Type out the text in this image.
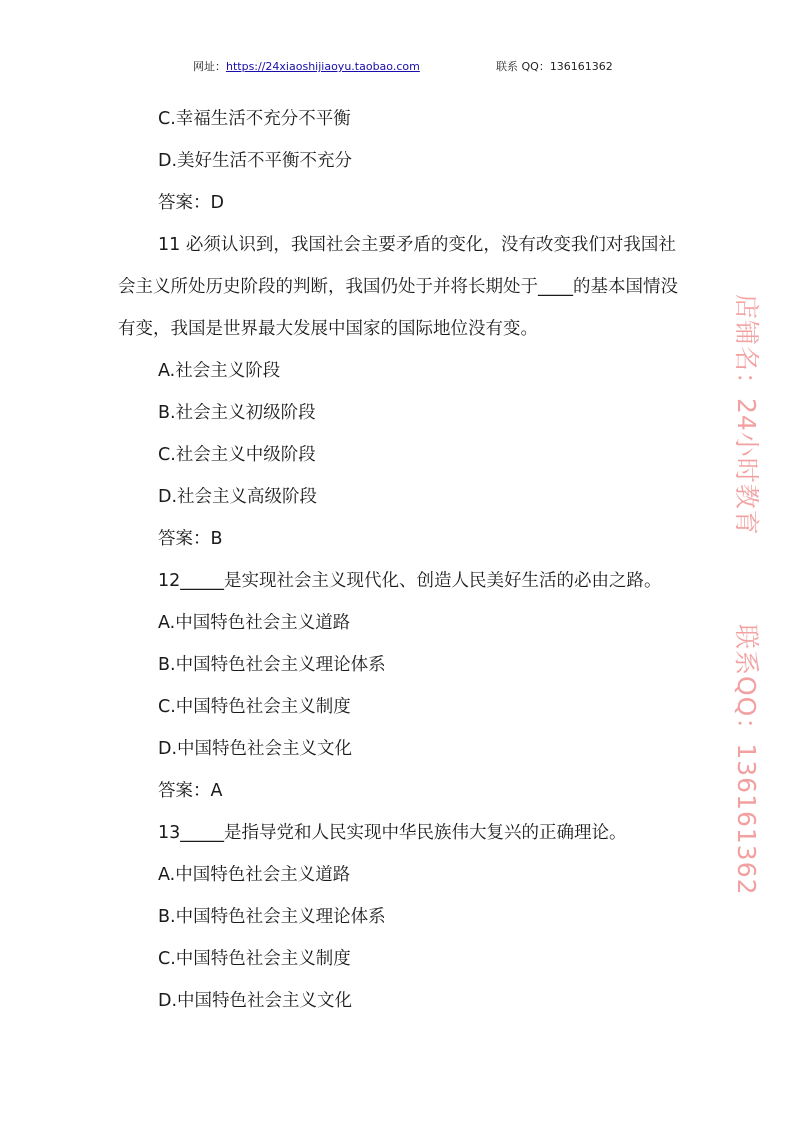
网址：https://24xiaoshijiaoyu.taobao.com	联系 QQ：136161362
C.幸福生活不充分不平衡
D.美好生活不平衡不充分
答案：D
11 必须认识到，我国社会主要矛盾的变化，没有改变我们对我国社会主义所处历史阶段的判断，我国仍处于并将长期处于____的基本国情没有变，我国是世界最大发展中国家的国际地位没有变。
A.社会主义阶段
B.社会主义初级阶段
C.社会主义中级阶段
D.社会主义高级阶段
答案：B
12_____是实现社会主义现代化、创造人民美好生活的必由之路。
A.中国特色社会主义道路
B.中国特色社会主义理论体系
C.中国特色社会主义制度
D.中国特色社会主义文化
答案：A
13_____是指导党和人民实现中华民族伟大复兴的正确理论。
A.中国特色社会主义道路
B.中国特色社会主义理论体系
C.中国特色社会主义制度
D.中国特色社会主义文化
店铺名：24小时教育联系QQ：136161362
